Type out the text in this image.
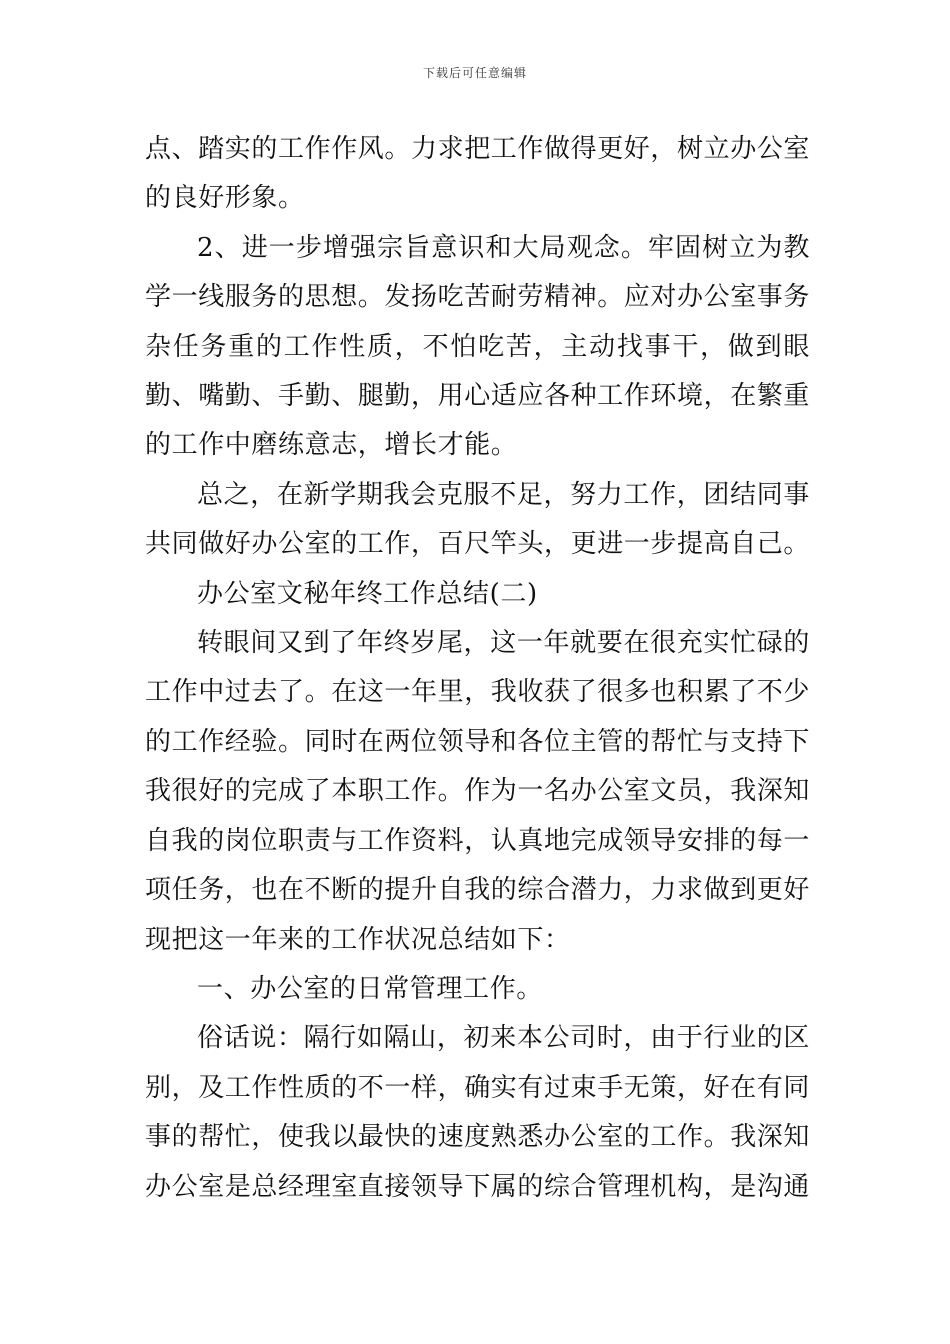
下载后可任意编辑

点、踏实的工作作风。力求把工作做得更好，树立办公室的良好形象。

2、进一步增强宗旨意识和大局观念。牢固树立为教学一线服务的思想。发扬吃苦耐劳精神。应对办公室事务杂任务重的工作性质，不怕吃苦，主动找事干，做到眼勤、嘴勤、手勤、腿勤，用心适应各种工作环境，在繁重的工作中磨练意志，增长才能。

总之，在新学期我会克服不足，努力工作，团结同事共同做好办公室的工作，百尺竿头，更进一步提高自己。

办公室文秘年终工作总结(二)

转眼间又到了年终岁尾，这一年就要在很充实忙碌的工作中过去了。在这一年里，我收获了很多也积累了不少的工作经验。同时在两位领导和各位主管的帮忙与支持下我很好的完成了本职工作。作为一名办公室文员，我深知自我的岗位职责与工作资料，认真地完成领导安排的每一项任务，也在不断的提升自我的综合潜力，力求做到更好现把这一年来的工作状况总结如下：

一、办公室的日常管理工作。

俗话说：隔行如隔山，初来本公司时，由于行业的区别，及工作性质的不一样，确实有过束手无策，好在有同事的帮忙，使我以最快的速度熟悉办公室的工作。我深知办公室是总经理室直接领导下属的综合管理机构，是沟通
